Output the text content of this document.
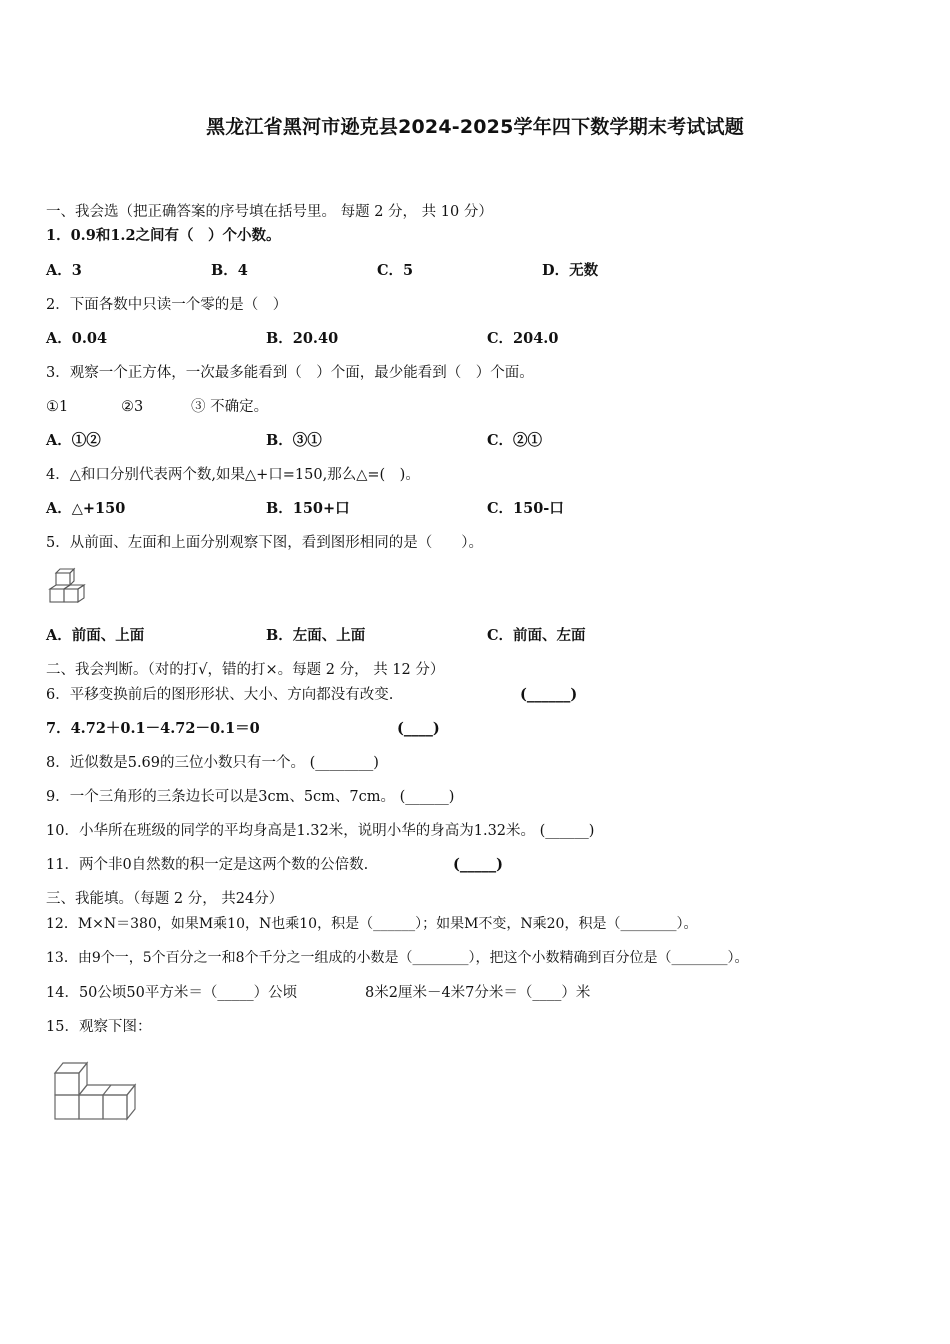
黑龙江省黑河市逊克县2024-2025学年四下数学期末考试试题
一、我会选（把正确答案的序号填在括号里。 每题 2 分， 共 10 分）
1．0.9和1.2之间有（　）个小数。
A．3	B．4	C．5	D．无数
2．下面各数中只读一个零的是（　）
A．0.04	B．20.40	C．204.0
3．观察一个正方体，一次最多能看到（　）个面，最少能看到（　）个面。
①1	②3	③ 不确定。
A．①②	B．③①	C．②①
4．△和口分别代表两个数,如果△+口=150,那么△=(　)。
A．△+150	B．150+口	C．150-口
5．从前面、左面和上面分别观察下图，看到图形相同的是（　　）。
A．前面、上面	B．左面、上面	C．前面、左面
二、我会判断。（对的打√，错的打×。每题 2 分， 共 12 分）
6．平移变换前后的图形形状、大小、方向都没有改变.	(______)
7．4.72＋0.1－4.72－0.1＝0	(____)
8．近似数是5.69的三位小数只有一个。 (________)
9．一个三角形的三条边长可以是3cm、5cm、7cm。 (______)
10．小华所在班级的同学的平均身高是1.32米，说明小华的身高为1.32米。 (______)
11．两个非0自然数的积一定是这两个数的公倍数.	(_____)
三、我能填。（每题 2 分， 共24分）
12．M×N＝380，如果M乘10，N也乘10，积是（______）；如果M不变，N乘20，积是（________）。
13．由9个一，5个百分之一和8个千分之一组成的小数是（________），把这个小数精确到百分位是（________）。
14．50公顷50平方米＝（_____）公顷	8米2厘米－4米7分米＝（____）米
15．观察下图：
